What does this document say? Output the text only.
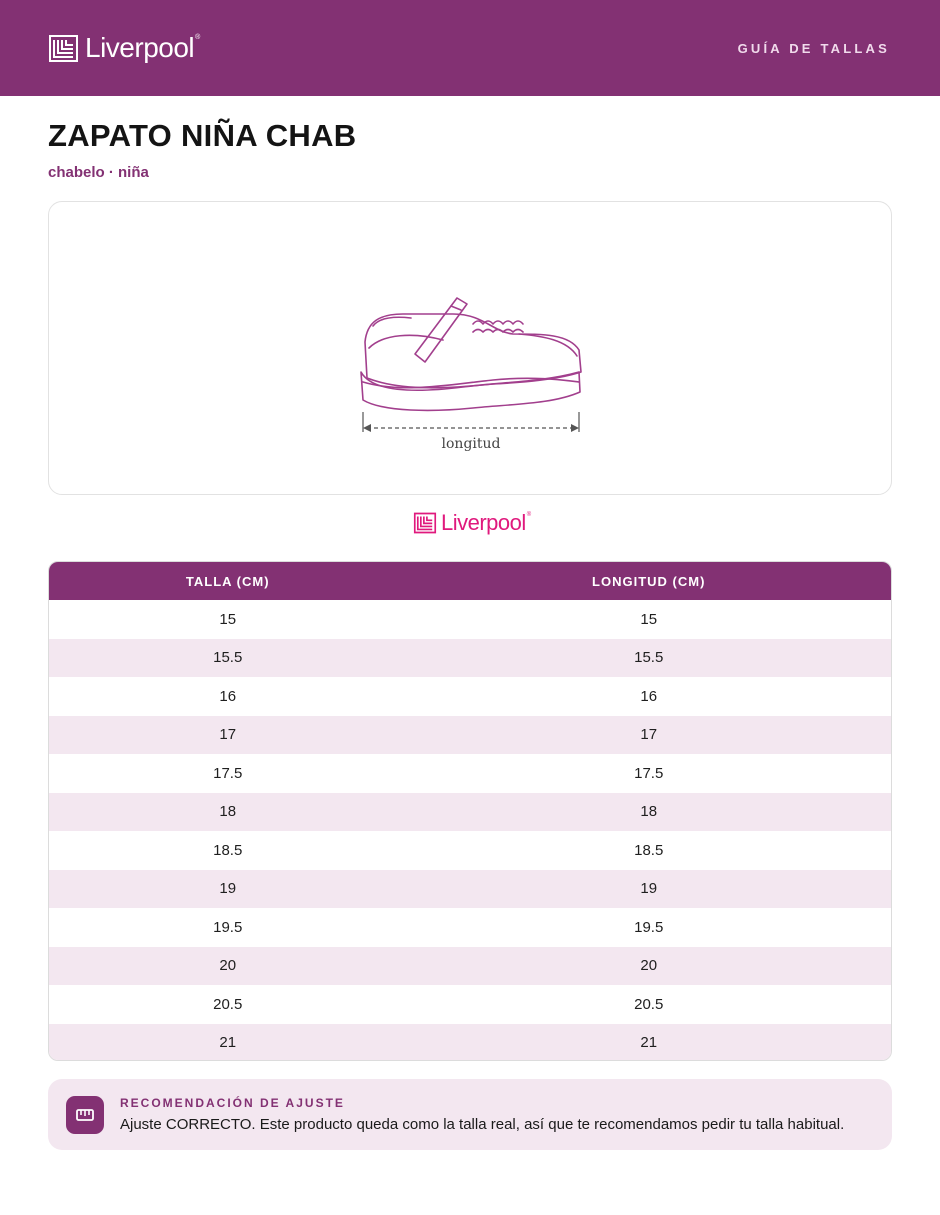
Liverpool®
GUÍA DE TALLAS
ZAPATO NIÑA CHAB
chabelo · niña
longitud
Liverpool®
TALLA (CM)	LONGITUD (CM)
15	15
15.5	15.5
16	16
17	17
17.5	17.5
18	18
18.5	18.5
19	19
19.5	19.5
20	20
20.5	20.5
21	21
RECOMENDACIÓN DE AJUSTE
Ajuste CORRECTO. Este producto queda como la talla real, así que te recomendamos pedir tu talla habitual.
